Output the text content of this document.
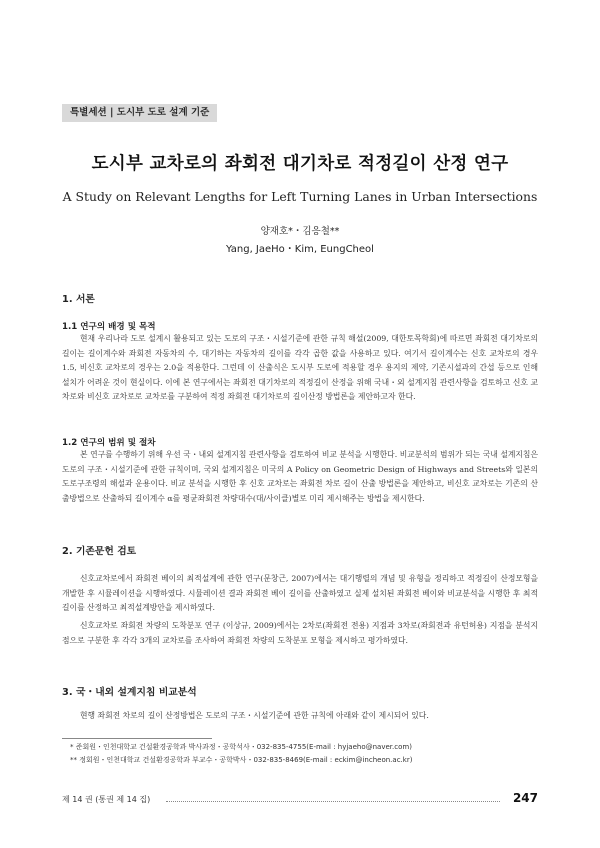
특별세션 | 도시부 도로 설계 기준
도시부 교차로의 좌회전 대기차로 적정길이 산정 연구
A Study on Relevant Lengths for Left Turning Lanes in Urban Intersections
양재호*・김응철**
Yang, JaeHo・Kim, EungCheol
1. 서론
1.1 연구의 배경 및 목적

현재 우리나라 도로 설계시 활용되고 있는 도로의 구조・시설기준에 관한 규칙 해설(2009, 대한토목학회)에 따르면 좌회전 대기차로의 길이는 길이계수와 좌회전 자동차의 수, 대기하는 자동차의 길이를 각각 곱한 값을 사용하고 있다. 여기서 길이계수는 신호 교차로의 경우 1.5, 비신호 교차로의 경우는 2.0을 적용한다. 그런데 이 산출식은 도시부 도로에 적용할 경우 용지의 제약, 기존시설과의 간섭 등으로 인해 설치가 어려운 것이 현실이다. 이에 본 연구에서는 좌회전 대기차로의 적정길이 산정을 위해 국내・외 설계지침 관련사항을 검토하고 신호 교차로와 비신호 교차로로 교차로를 구분하여 적정 좌회전 대기차로의 길이산정 방법론을 제안하고자 한다.

1.2 연구의 범위 및 절차

본 연구를 수행하기 위해 우선 국・내외 설계지침 관련사항을 검토하여 비교 분석을 시행한다. 비교분석의 범위가 되는 국내 설계지침은 도로의 구조・시설기준에 관한 규칙이며, 국외 설계지침은 미국의 A Policy on Geometric Design of Highways and Streets와 일본의 도로구조령의 해설과 운용이다. 비교 분석을 시행한 후 신호 교차로는 좌회전 차로 길이 산출 방법론을 제안하고, 비신호 교차로는 기존의 산출방법으로 산출하되 길이계수 α를 평균좌회전 차량대수(대/사이클)별로 미리 제시해주는 방법을 제시한다.

2. 기존문헌 검토

신호교차로에서 좌회전 베이의 최적설계에 관한 연구(문창근, 2007)에서는 대기행렬의 개념 및 유형을 정리하고 적정길이 산정모형을 개발한 후 시뮬레이션을 시행하였다. 시뮬레이션 결과 좌회전 베이 길이를 산출하였고 실제 설치된 좌회전 베이와 비교분석을 시행한 후 최적길이를 산정하고 최적설계방안을 제시하였다.

신호교차로 좌회전 차량의 도착분포 연구 (이상규, 2009)에서는 2차로(좌회전 전용) 지점과 3차로(좌회전과 유턴허용) 지점을 분석지점으로 구분한 후 각각 3개의 교차로를 조사하여 좌회전 차량의 도착분포 모형을 제시하고 평가하였다.

3. 국・내외 설계지침 비교분석

현행 좌회전 차로의 길이 산정방법은 도로의 구조・시설기준에 관한 규칙에 아래와 같이 제시되어 있다.

* 준회원・인천대학교 건설환경공학과 박사과정・공학석사・032-835-4755(E-mail : hyjaeho@naver.com)
** 정회원・인천대학교 건설환경공학과 부교수・공학박사・032-835-8469(E-mail : eckim@incheon.ac.kr)
제 14 권 (통권 제 14 집)	247
